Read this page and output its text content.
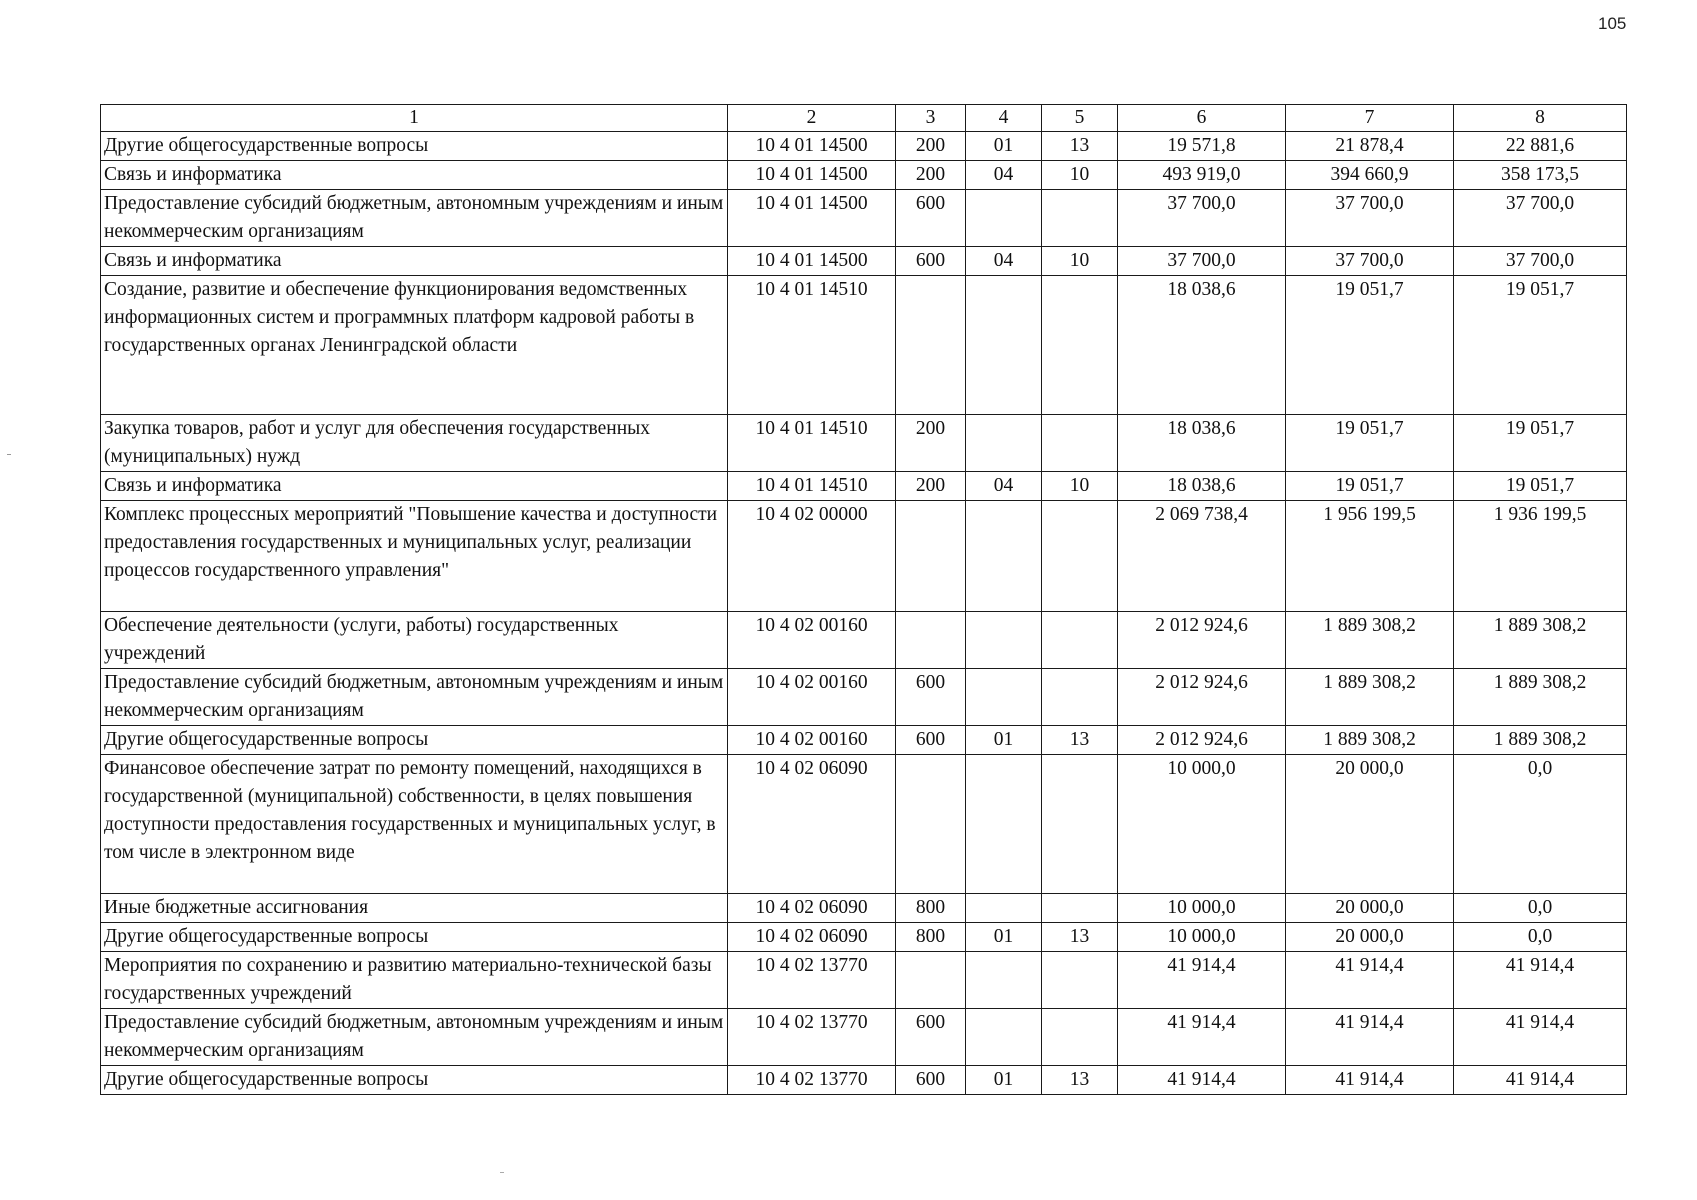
105
1	2	3	4	5	6	7	8
Другие общегосударственные вопросы	10 4 01 14500	200	01	13	19 571,8	21 878,4	22 881,6
Связь и информатика	10 4 01 14500	200	04	10	493 919,0	394 660,9	358 173,5
Предоставление субсидий бюджетным, автономным учреждениям и иным некоммерческим организациям	10 4 01 14500	600			37 700,0	37 700,0	37 700,0
Связь и информатика	10 4 01 14500	600	04	10	37 700,0	37 700,0	37 700,0
Создание, развитие и обеспечение функционирования ведомственных информационных систем и программных платформ кадровой работы в государственных органах Ленинградской области	10 4 01 14510				18 038,6	19 051,7	19 051,7
Закупка товаров, работ и услуг для обеспечения государственных (муниципальных) нужд	10 4 01 14510	200			18 038,6	19 051,7	19 051,7
Связь и информатика	10 4 01 14510	200	04	10	18 038,6	19 051,7	19 051,7
Комплекс процессных мероприятий "Повышение качества и доступности предоставления государственных и муниципальных услуг, реализации процессов государственного управления"	10 4 02 00000				2 069 738,4	1 956 199,5	1 936 199,5
Обеспечение деятельности (услуги, работы) государственных учреждений	10 4 02 00160				2 012 924,6	1 889 308,2	1 889 308,2
Предоставление субсидий бюджетным, автономным учреждениям и иным некоммерческим организациям	10 4 02 00160	600			2 012 924,6	1 889 308,2	1 889 308,2
Другие общегосударственные вопросы	10 4 02 00160	600	01	13	2 012 924,6	1 889 308,2	1 889 308,2
Финансовое обеспечение затрат по ремонту помещений, находящихся в государственной (муниципальной) собственности, в целях повышения доступности предоставления государственных и муниципальных услуг, в том числе в электронном виде	10 4 02 06090				10 000,0	20 000,0	0,0
Иные бюджетные ассигнования	10 4 02 06090	800			10 000,0	20 000,0	0,0
Другие общегосударственные вопросы	10 4 02 06090	800	01	13	10 000,0	20 000,0	0,0
Мероприятия по сохранению и развитию материально-технической базы государственных учреждений	10 4 02 13770				41 914,4	41 914,4	41 914,4
Предоставление субсидий бюджетным, автономным учреждениям и иным некоммерческим организациям	10 4 02 13770	600			41 914,4	41 914,4	41 914,4
Другие общегосударственные вопросы	10 4 02 13770	600	01	13	41 914,4	41 914,4	41 914,4
